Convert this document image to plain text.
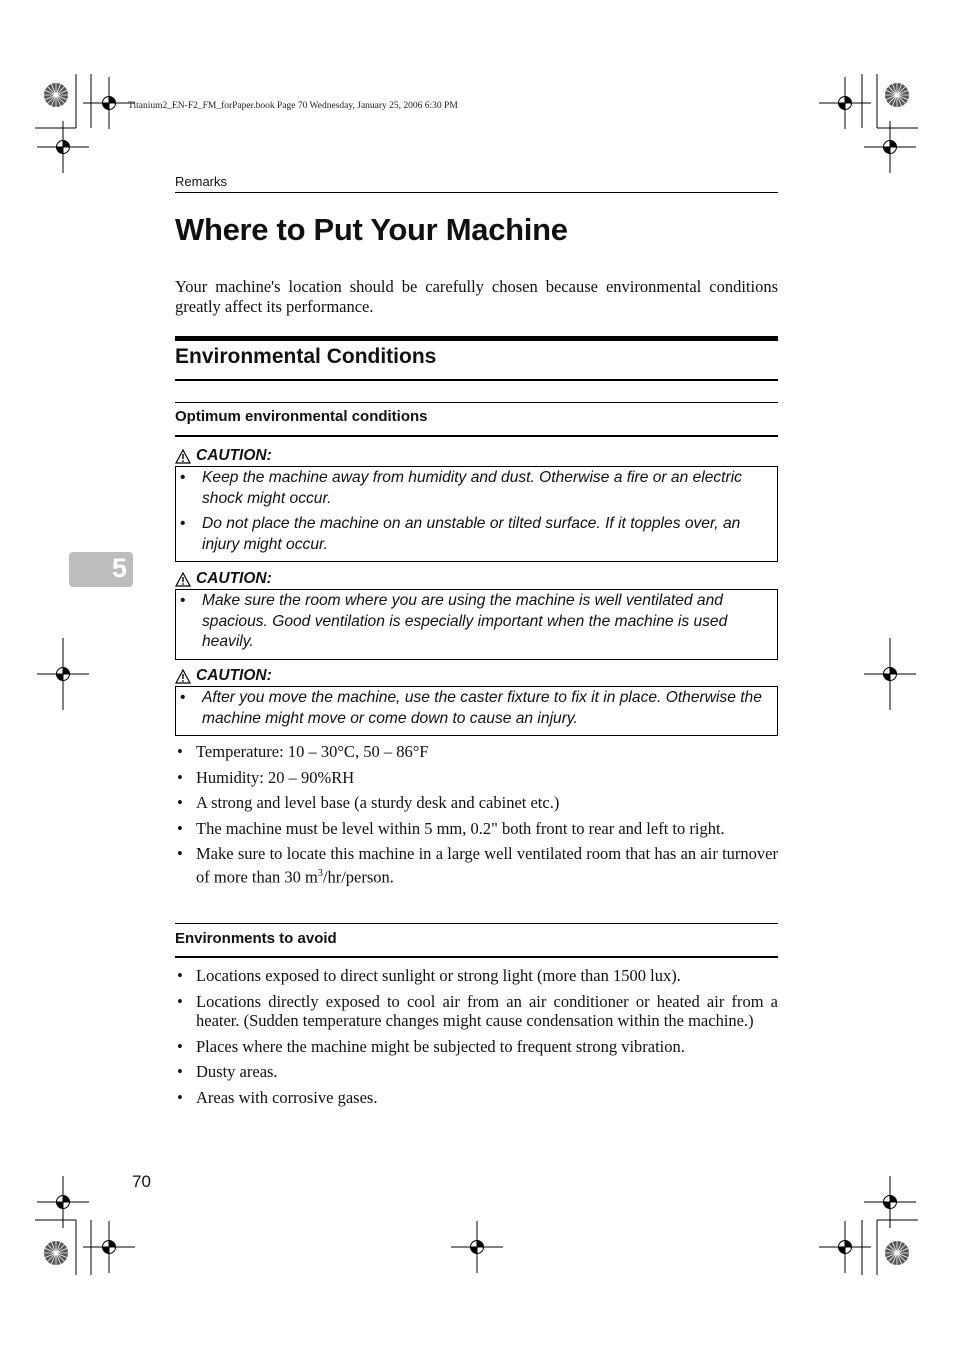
Titanium2_EN-F2_FM_forPaper.book Page 70 Wednesday, January 25, 2006 6:30 PM
Remarks
Where to Put Your Machine

Your machine's location should be carefully chosen because environmental conditions greatly affect its performance.

Environmental Conditions
Optimum environmental conditions
CAUTION:
• Keep the machine away from humidity and dust. Otherwise a fire or an electric shock might occur.
• Do not place the machine on an unstable or tilted surface. If it topples over, an injury might occur.
CAUTION:
• Make sure the room where you are using the machine is well ventilated and spacious. Good ventilation is especially important when the machine is used heavily.
CAUTION:
• After you move the machine, use the caster fixture to fix it in place. Otherwise the machine might move or come down to cause an injury.
• Temperature: 10 – 30°C, 50 – 86°F
• Humidity: 20 – 90%RH
• A strong and level base (a sturdy desk and cabinet etc.)
• The machine must be level within 5 mm, 0.2" both front to rear and left to right.
• Make sure to locate this machine in a large well ventilated room that has an air turnover of more than 30 $m^3/hr$/person.
Environments to avoid
• Locations exposed to direct sunlight or strong light (more than 1500 lux).
• Locations directly exposed to cool air from an air conditioner or heated air from a heater. (Sudden temperature changes might cause condensation within the machine.)
• Places where the machine might be subjected to frequent strong vibration.
• Dusty areas.
• Areas with corrosive gases.
5
70
